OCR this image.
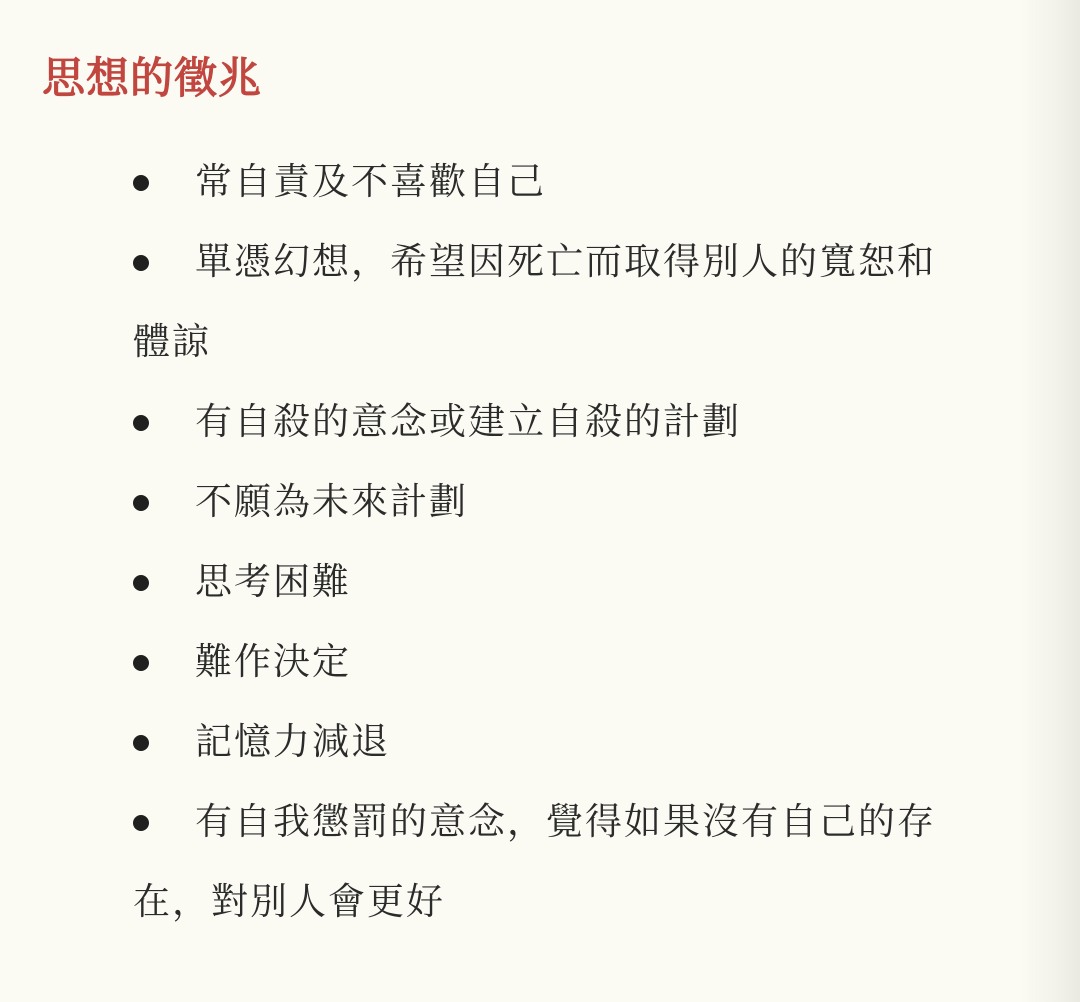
思想的徵兆
常自責及不喜歡自己
單憑幻想，希望因死亡而取得別人的寬恕和
體諒
有自殺的意念或建立自殺的計劃
不願為未來計劃
思考困難
難作決定
記憶力減退
有自我懲罰的意念，覺得如果沒有自己的存
在，對別人會更好
